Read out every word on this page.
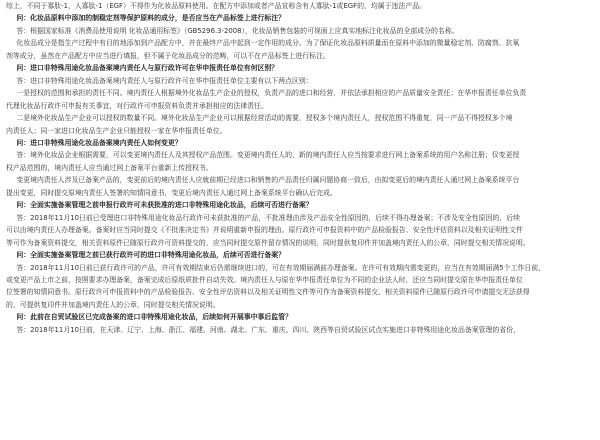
综上，不同于寡肽-1，人寡肽-1（EGF）不得作为化妆品原料使用。在配方中添加或者产品宣称含有人寡肽-1或EGF的，均属于违法产品。

问：化妆品原料中添加的制稳定剂等保护原料的成分，是否应当在产品标签上进行标注？

答：根据国家标准《消费品使用说明 化妆品通用标签》（GB5296.3-2008），化妆品销售包装的可视面上应真实地标注化妆品的全部成分的名称。

化妆品成分是指生产过程中有目的地添加到产品配方中，并在最终产品中起到一定作用的成分。为了保证化妆品原料质量而在原料中添加的微量稳定剂、防腐剂、抗氧

剂等成分，虽然在产品配方中应当进行填报，但不属于化妆品成分的范畴，可以不在产品标签上进行标注。

问：进口非特殊用途化妆品备案境内责任人与原行政许可在华申报责任单位有何区别？

答：进口非特殊用途化妆品备案境内责任人与原行政许可在华申报责任单位主要有以下两点区别：

一是授权的范围和承担的责任不同。境内责任人根据境外化妆品生产企业的授权，负责产品的进口和经营，并依法承担相应的产品质量安全责任；在华申报责任单位负责

代理化妆品行政许可申报有关事宜，对行政许可申报资料负责并承担相应的法律责任。

二是境外化妆品生产企业可以授权的数量不同。境外化妆品生产企业可以根据经营活动的需要，授权多个境内责任人，授权范围不得重复，同一产品不得授权多个境

内责任人；同一家进口化妆品生产企业只能授权一家在华申报责任单位。

问：进口非特殊用途化妆品备案境内责任人如何变更？

答：境外化妆品企业根据需要，可以变更境内责任人及其授权产品范围。变更境内责任人的，新的境内责任人应当按要求进行网上备案系统的用户名称注册；仅变更授

权产品范围的，境内责任人应当通过网上备案平台重新上传授权书。

变更境内责任人涉及已备案产品的，变更前后的境内责任人应就前期已经进口和销售的产品责任归属问题协商一致后，由拟变更后的境内责任人通过网上备案系统平台

提出变更，同时提交原境内责任人签署的知情同意书，变更后境内责任人通过网上备案系统平台确认后完成。

问：全面实施备案管理之前申报行政许可未获批准的进口非特殊用途化妆品，后续可否进行备案？

答：2018年11月10日前已受理进口非特殊用途化妆品行政许可未获批准的产品，不批准理由涉及产品安全性原因的，后续不得办理备案；不涉及安全性原因的，后续

可以由境内责任人办理备案。备案时应当同时提交《不批准决定书》并说明重新申报的理由。原行政许可申报资料中的产品检验报告、安全性评估资料以及相关证明性文件

等可作为备案资料提交，相关资料原件已随原行政许可资料提交的，应当同时提交原件留存情况的说明，同时提供复印件并加盖境内责任人的公章，同时提交相关情况说明。

问：全面实施备案管理之前已获行政许可的进口非特殊用途化妆品，后续可否进行备案？

答：2018年11月10日前已获行政许可的产品，许可有效期结束后仍需继续进口的，可在有效期届满前办理备案。在许可有效期内需变更的，应当在有效期届满5个工作日前，

或变更产品上市之前，按照要求办理备案，备案完成后原纸质批件自动失效。境内责任人与原在华申报责任单位为不同的企业法人时，还应当同时提交原在华申报责任单位

位签署的知情同意书。原行政许可申报资料中的产品检验报告、安全性评估资料以及相关证明性文件等可作为备案资料提交，相关资料原件已随原行政许可申请提交无法获得

的，可提供复印件并加盖境内责任人的公章，同时提交相关情况说明。

问：此前在自贸试验区已完成备案的进口非特殊用途化妆品，后续如何开展事中事后监管？

答：2018年11月10日前，在天津、辽宁、上海、浙江、福建、河南、湖北、广东、重庆、四川、陕西等自贸试验区试点实施进口非特殊用途化妆品备案管理的省份，
